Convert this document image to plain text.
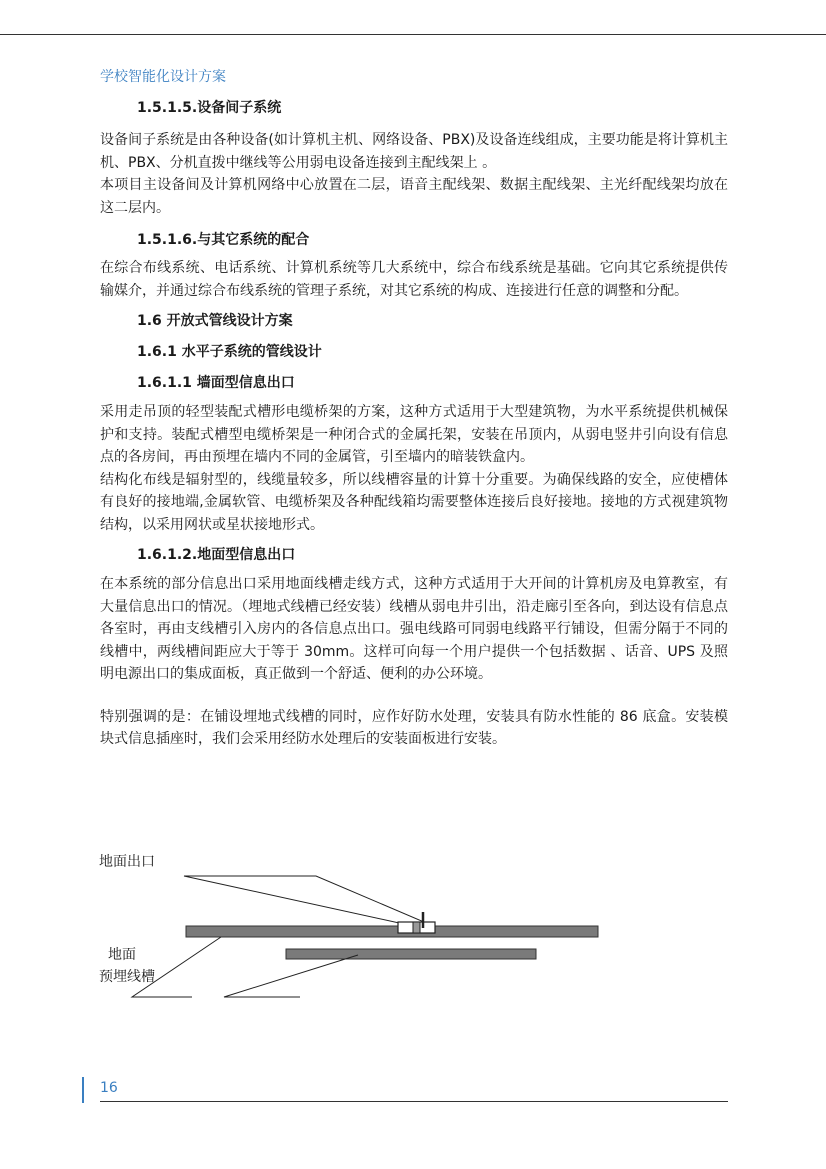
学校智能化设计方案
1.5.1.5.设备间子系统

设备间子系统是由各种设备(如计算机主机、网络设备、PBX)及设备连线组成，主要功能是将计算机主机、PBX、分机直拨中继线等公用弱电设备连接到主配线架上 。

本项目主设备间及计算机网络中心放置在二层，语音主配线架、数据主配线架、主光纤配线架均放在这二层内。

1.5.1.6.与其它系统的配合

在综合布线系统、电话系统、计算机系统等几大系统中，综合布线系统是基础。它向其它系统提供传输媒介，并通过综合布线系统的管理子系统，对其它系统的构成、连接进行任意的调整和分配。

1.6 开放式管线设计方案
1.6.1 水平子系统的管线设计
1.6.1.1 墙面型信息出口

采用走吊顶的轻型装配式槽形电缆桥架的方案，这种方式适用于大型建筑物，为水平系统提供机械保护和支持。装配式槽型电缆桥架是一种闭合式的金属托架，安装在吊顶内，从弱电竖井引向设有信息点的各房间，再由预埋在墙内不同的金属管，引至墙内的暗装铁盒内。

结构化布线是辐射型的，线缆量较多，所以线槽容量的计算十分重要。为确保线路的安全，应使槽体有良好的接地端,金属软管、电缆桥架及各种配线箱均需要整体连接后良好接地。接地的方式视建筑物结构，以采用网状或星状接地形式。

1.6.1.2.地面型信息出口

在本系统的部分信息出口采用地面线槽走线方式，这种方式适用于大开间的计算机房及电算教室，有大量信息出口的情况。（埋地式线槽已经安装）线槽从弱电井引出，沿走廊引至各向，到达设有信息点各室时，再由支线槽引入房内的各信息点出口。强电线路可同弱电线路平行铺设，但需分隔于不同的线槽中，两线槽间距应大于等于 30mm。这样可向每一个用户提供一个包括数据 、话音、UPS 及照明电源出口的集成面板，真正做到一个舒适、便利的办公环境。

特别强调的是：在铺设埋地式线槽的同时，应作好防水处理，安装具有防水性能的 86 底盒。安装模块式信息插座时，我们会采用经防水处理后的安装面板进行安装。

地面出口
地面
预埋线槽
16
